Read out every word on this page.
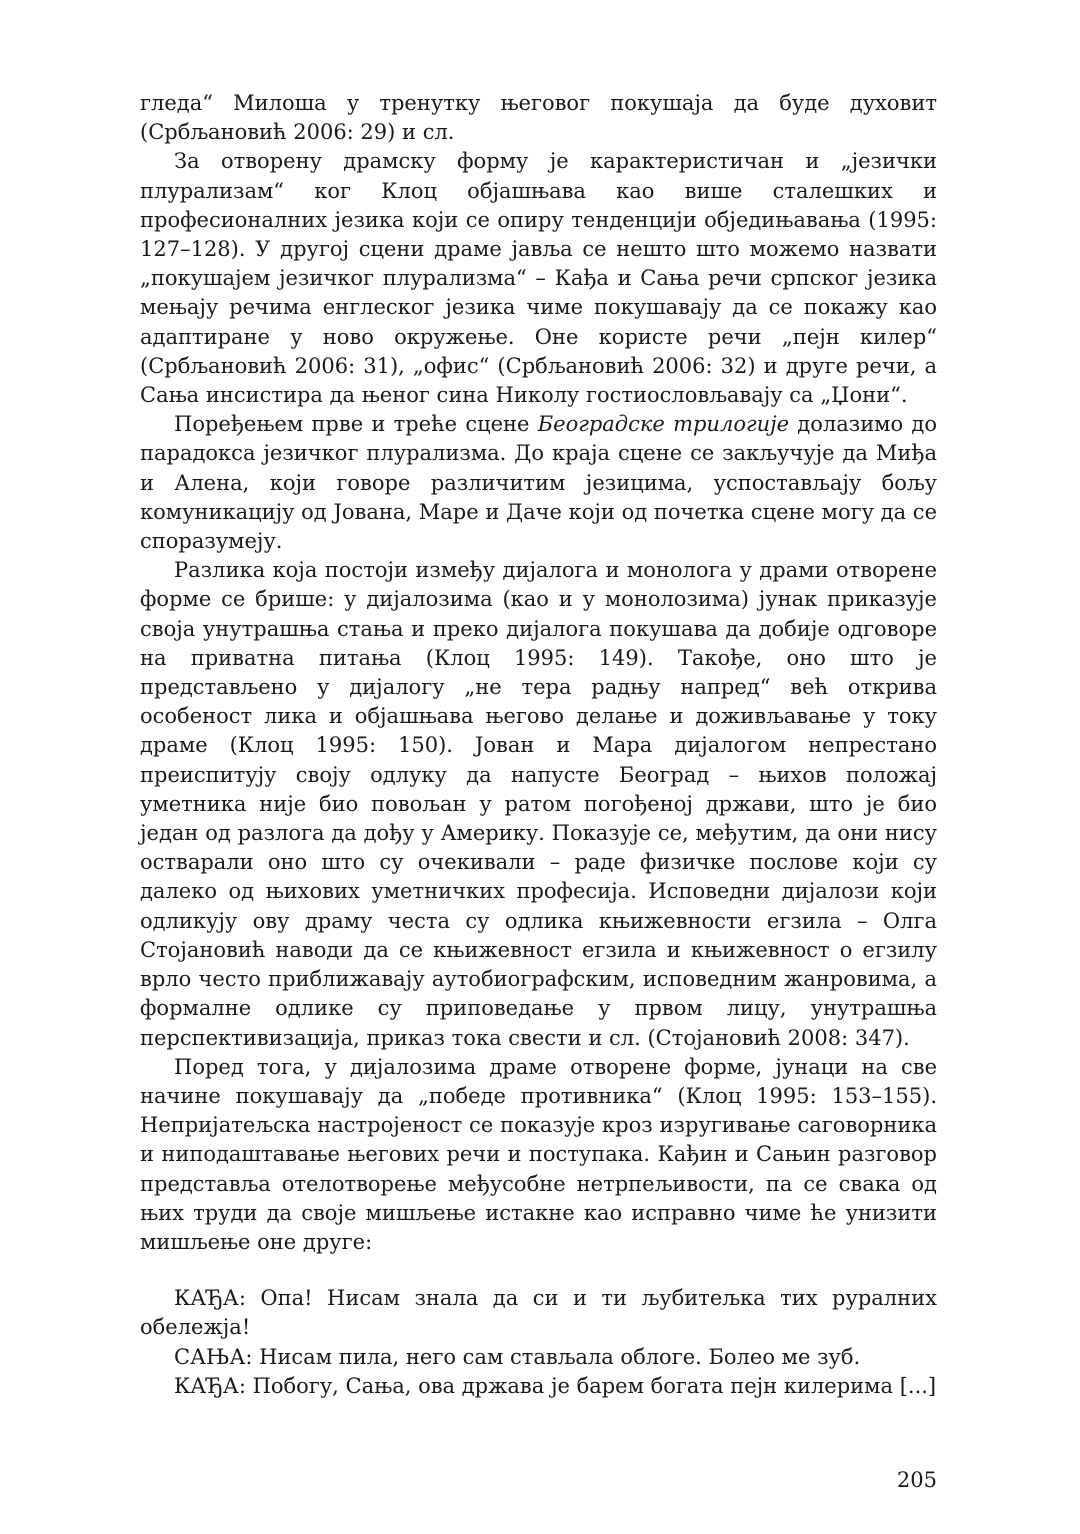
гледа“ Милоша у тренутку његовог покушаја да буде духовит (Србљановић 2006: 29) и сл.

За отворену драмску форму је карактеристичан и „језички плурализам“ ког Клоц објашњава као више сталешких и професионалних језика који се опиру тенденцији обједињавања (1995: 127–128). У другој сцени драме јавља се нешто што можемо назвати „покушајем језичког плурализма“ – Кађа и Сања речи српског језика мењају речима енглеског језика чиме покушавају да се покажу као адаптиране у ново окружење. Оне користе речи „пејн килер“ (Србљановић 2006: 31), „офис“ (Србљановић 2006: 32) и друге речи, а Сања инсистира да њеног сина Николу гостиословљавају са „Џони“.

Поређењем прве и треће сцене Београдске трилогије долазимо до парадокса језичког плурализма. До краја сцене се закључује да Миђа и Алена, који говоре различитим језицима, успостављају бољу комуникацију од Јована, Маре и Даче који од почетка сцене могу да се споразумеју.

Разлика која постоји између дијалога и монолога у драми отворене форме се брише: у дијалозима (као и у монолозима) јунак приказује своја унутрашња стања и преко дијалога покушава да добије одговоре на приватна питања (Клоц 1995: 149). Такође, оно што је представљено у дијалогу „не тера радњу напред“ већ открива особеност лика и објашњава његово делање и доживљавање у току драме (Клоц 1995: 150). Јован и Мара дијалогом непрестано преиспитују своју одлуку да напусте Београд – њихов положај уметника није био повољан у ратом погођеној држави, што је био један од разлога да дођу у Америку. Показује се, међутим, да они нису остварали оно што су очекивали – раде физичке послове који су далеко од њихових уметничких професија. Исповедни дијалози који одликују ову драму честа су одлика књижевности егзила – Олга Стојановић наводи да се књижевност егзила и књижевност о егзилу врло често приближавају аутобиографским, исповедним жанровима, а формалне одлике су приповедање у првом лицу, унутрашња перспективизација, приказ тока свести и сл. (Стојановић 2008: 347).

Поред тога, у дијалозима драме отворене форме, јунаци на све начине покушавају да „победе противника“ (Клоц 1995: 153–155). Непријатељска настројеност се показује кроз изругивање саговорника и ниподаштавање његових речи и поступака. Кађин и Сањин разговор представља отелотворење међусобне нетрпељивости, па се свака од њих труди да своје мишљење истакне као исправно чиме ће унизити мишљење оне друге:

КАЂА: Опа! Нисам знала да си и ти љубитељка тих руралних обележја!

САЊА: Нисам пила, него сам стављала облоге. Болео ме зуб.

КАЂА: Побогу, Сања, ова држава је барем богата пејн килерима [...]

205
